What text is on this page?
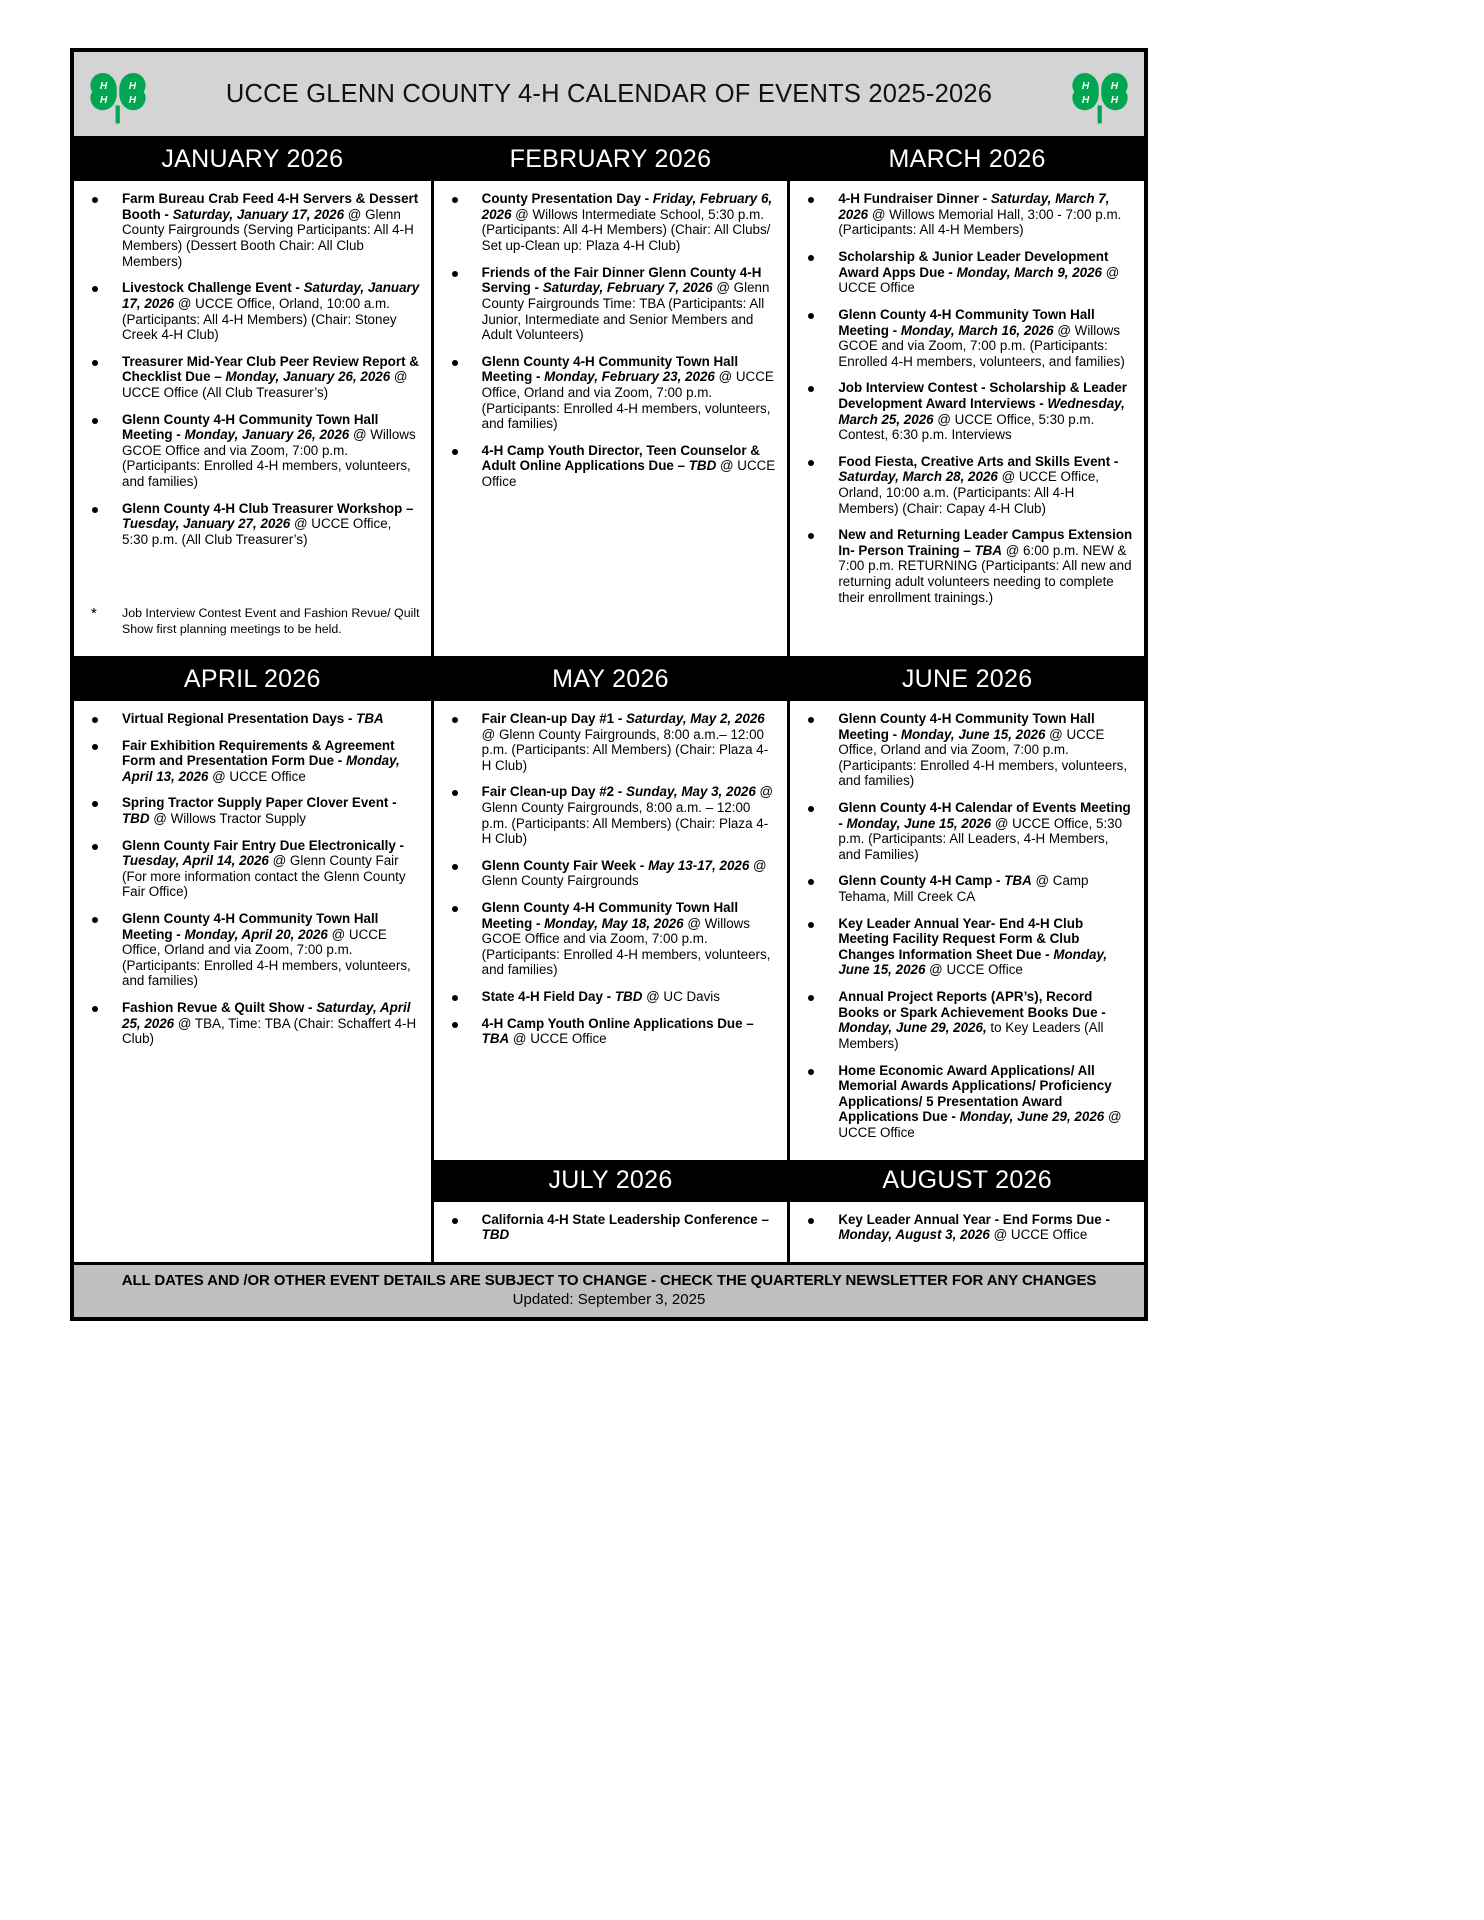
H H
H H	UCCE GLENN COUNTY 4-H CALENDAR OF EVENTS 2025-2026	H H
H H
JANUARY 2026
Farm Bureau Crab Feed 4-H Servers & Dessert Booth - Saturday, January 17, 2026 @ Glenn County Fairgrounds (Serving Participants: All 4-H Members) (Dessert Booth Chair: All Club Members)
Livestock Challenge Event - Saturday, January 17, 2026 @ UCCE Office, Orland, 10:00 a.m. (Participants: All 4-H Members) (Chair: Stoney Creek 4-H Club)
Treasurer Mid-Year Club Peer Review Report & Checklist Due – Monday, January 26, 2026 @ UCCE Office (All Club Treasurer’s)
Glenn County 4-H Community Town Hall Meeting - Monday, January 26, 2026 @ Willows GCOE Office and via Zoom, 7:00 p.m. (Participants: Enrolled 4-H members, volunteers, and families)
Glenn County 4-H Club Treasurer Workshop – Tuesday, January 27, 2026 @ UCCE Office, 5:30 p.m. (All Club Treasurer’s)
* Job Interview Contest Event and Fashion Revue/ Quilt Show first planning meetings to be held.
FEBRUARY 2026
County Presentation Day - Friday, February 6, 2026 @ Willows Intermediate School, 5:30 p.m. (Participants: All 4-H Members) (Chair: All Clubs/ Set up-Clean up: Plaza 4-H Club)
Friends of the Fair Dinner Glenn County 4-H Serving - Saturday, February 7, 2026 @ Glenn County Fairgrounds Time: TBA (Participants: All Junior, Intermediate and Senior Members and Adult Volunteers)
Glenn County 4-H Community Town Hall Meeting - Monday, February 23, 2026 @ UCCE Office, Orland and via Zoom, 7:00 p.m. (Participants: Enrolled 4-H members, volunteers, and families)
4-H Camp Youth Director, Teen Counselor & Adult Online Applications Due – TBD @ UCCE Office
MARCH 2026
4-H Fundraiser Dinner - Saturday, March 7, 2026 @ Willows Memorial Hall, 3:00 - 7:00 p.m. (Participants: All 4-H Members)
Scholarship & Junior Leader Development Award Apps Due - Monday, March 9, 2026 @ UCCE Office
Glenn County 4-H Community Town Hall Meeting - Monday, March 16, 2026 @ Willows GCOE and via Zoom, 7:00 p.m. (Participants: Enrolled 4-H members, volunteers, and families)
Job Interview Contest - Scholarship & Leader Development Award Interviews - Wednesday, March 25, 2026 @ UCCE Office, 5:30 p.m. Contest, 6:30 p.m. Interviews
Food Fiesta, Creative Arts and Skills Event - Saturday, March 28, 2026 @ UCCE Office, Orland, 10:00 a.m. (Participants: All 4-H Members) (Chair: Capay 4-H Club)
New and Returning Leader Campus Extension In- Person Training – TBA @ 6:00 p.m. NEW & 7:00 p.m. RETURNING (Participants: All new and returning adult volunteers needing to complete their enrollment trainings.)
APRIL 2026
Virtual Regional Presentation Days - TBA
Fair Exhibition Requirements & Agreement Form and Presentation Form Due - Monday, April 13, 2026 @ UCCE Office
Spring Tractor Supply Paper Clover Event - TBD @ Willows Tractor Supply
Glenn County Fair Entry Due Electronically - Tuesday, April 14, 2026 @ Glenn County Fair (For more information contact the Glenn County Fair Office)
Glenn County 4-H Community Town Hall Meeting - Monday, April 20, 2026 @ UCCE Office, Orland and via Zoom, 7:00 p.m. (Participants: Enrolled 4-H members, volunteers, and families)
Fashion Revue & Quilt Show - Saturday, April 25, 2026 @ TBA, Time: TBA (Chair: Schaffert 4-H Club)
MAY 2026
Fair Clean-up Day #1 - Saturday, May 2, 2026 @ Glenn County Fairgrounds, 8:00 a.m.– 12:00 p.m. (Participants: All Members) (Chair: Plaza 4-H Club)
Fair Clean-up Day #2 - Sunday, May 3, 2026 @ Glenn County Fairgrounds, 8:00 a.m. – 12:00 p.m. (Participants: All Members) (Chair: Plaza 4-H Club)
Glenn County Fair Week - May 13-17, 2026 @ Glenn County Fairgrounds
Glenn County 4-H Community Town Hall Meeting - Monday, May 18, 2026 @ Willows GCOE Office and via Zoom, 7:00 p.m. (Participants: Enrolled 4-H members, volunteers, and families)
State 4-H Field Day - TBD @ UC Davis
4-H Camp Youth Online Applications Due – TBA @ UCCE Office
JUNE 2026
Glenn County 4-H Community Town Hall Meeting - Monday, June 15, 2026 @ UCCE Office, Orland and via Zoom, 7:00 p.m. (Participants: Enrolled 4-H members, volunteers, and families)
Glenn County 4-H Calendar of Events Meeting - Monday, June 15, 2026 @ UCCE Office, 5:30 p.m. (Participants: All Leaders, 4-H Members, and Families)
Glenn County 4-H Camp - TBA @ Camp Tehama, Mill Creek CA
Key Leader Annual Year- End 4-H Club Meeting Facility Request Form & Club Changes Information Sheet Due - Monday, June 15, 2026 @ UCCE Office
Annual Project Reports (APR’s), Record Books or Spark Achievement Books Due - Monday, June 29, 2026, to Key Leaders (All Members)
Home Economic Award Applications/ All Memorial Awards Applications/ Proficiency Applications/ 5 Presentation Award Applications Due - Monday, June 29, 2026 @ UCCE Office

JULY 2026
California 4-H State Leadership Conference – TBD
AUGUST 2026
Key Leader Annual Year - End Forms Due - Monday, August 3, 2026 @ UCCE Office
ALL DATES AND /OR OTHER EVENT DETAILS ARE SUBJECT TO CHANGE - CHECK THE QUARTERLY NEWSLETTER FOR ANY CHANGES
Updated: September 3, 2025
